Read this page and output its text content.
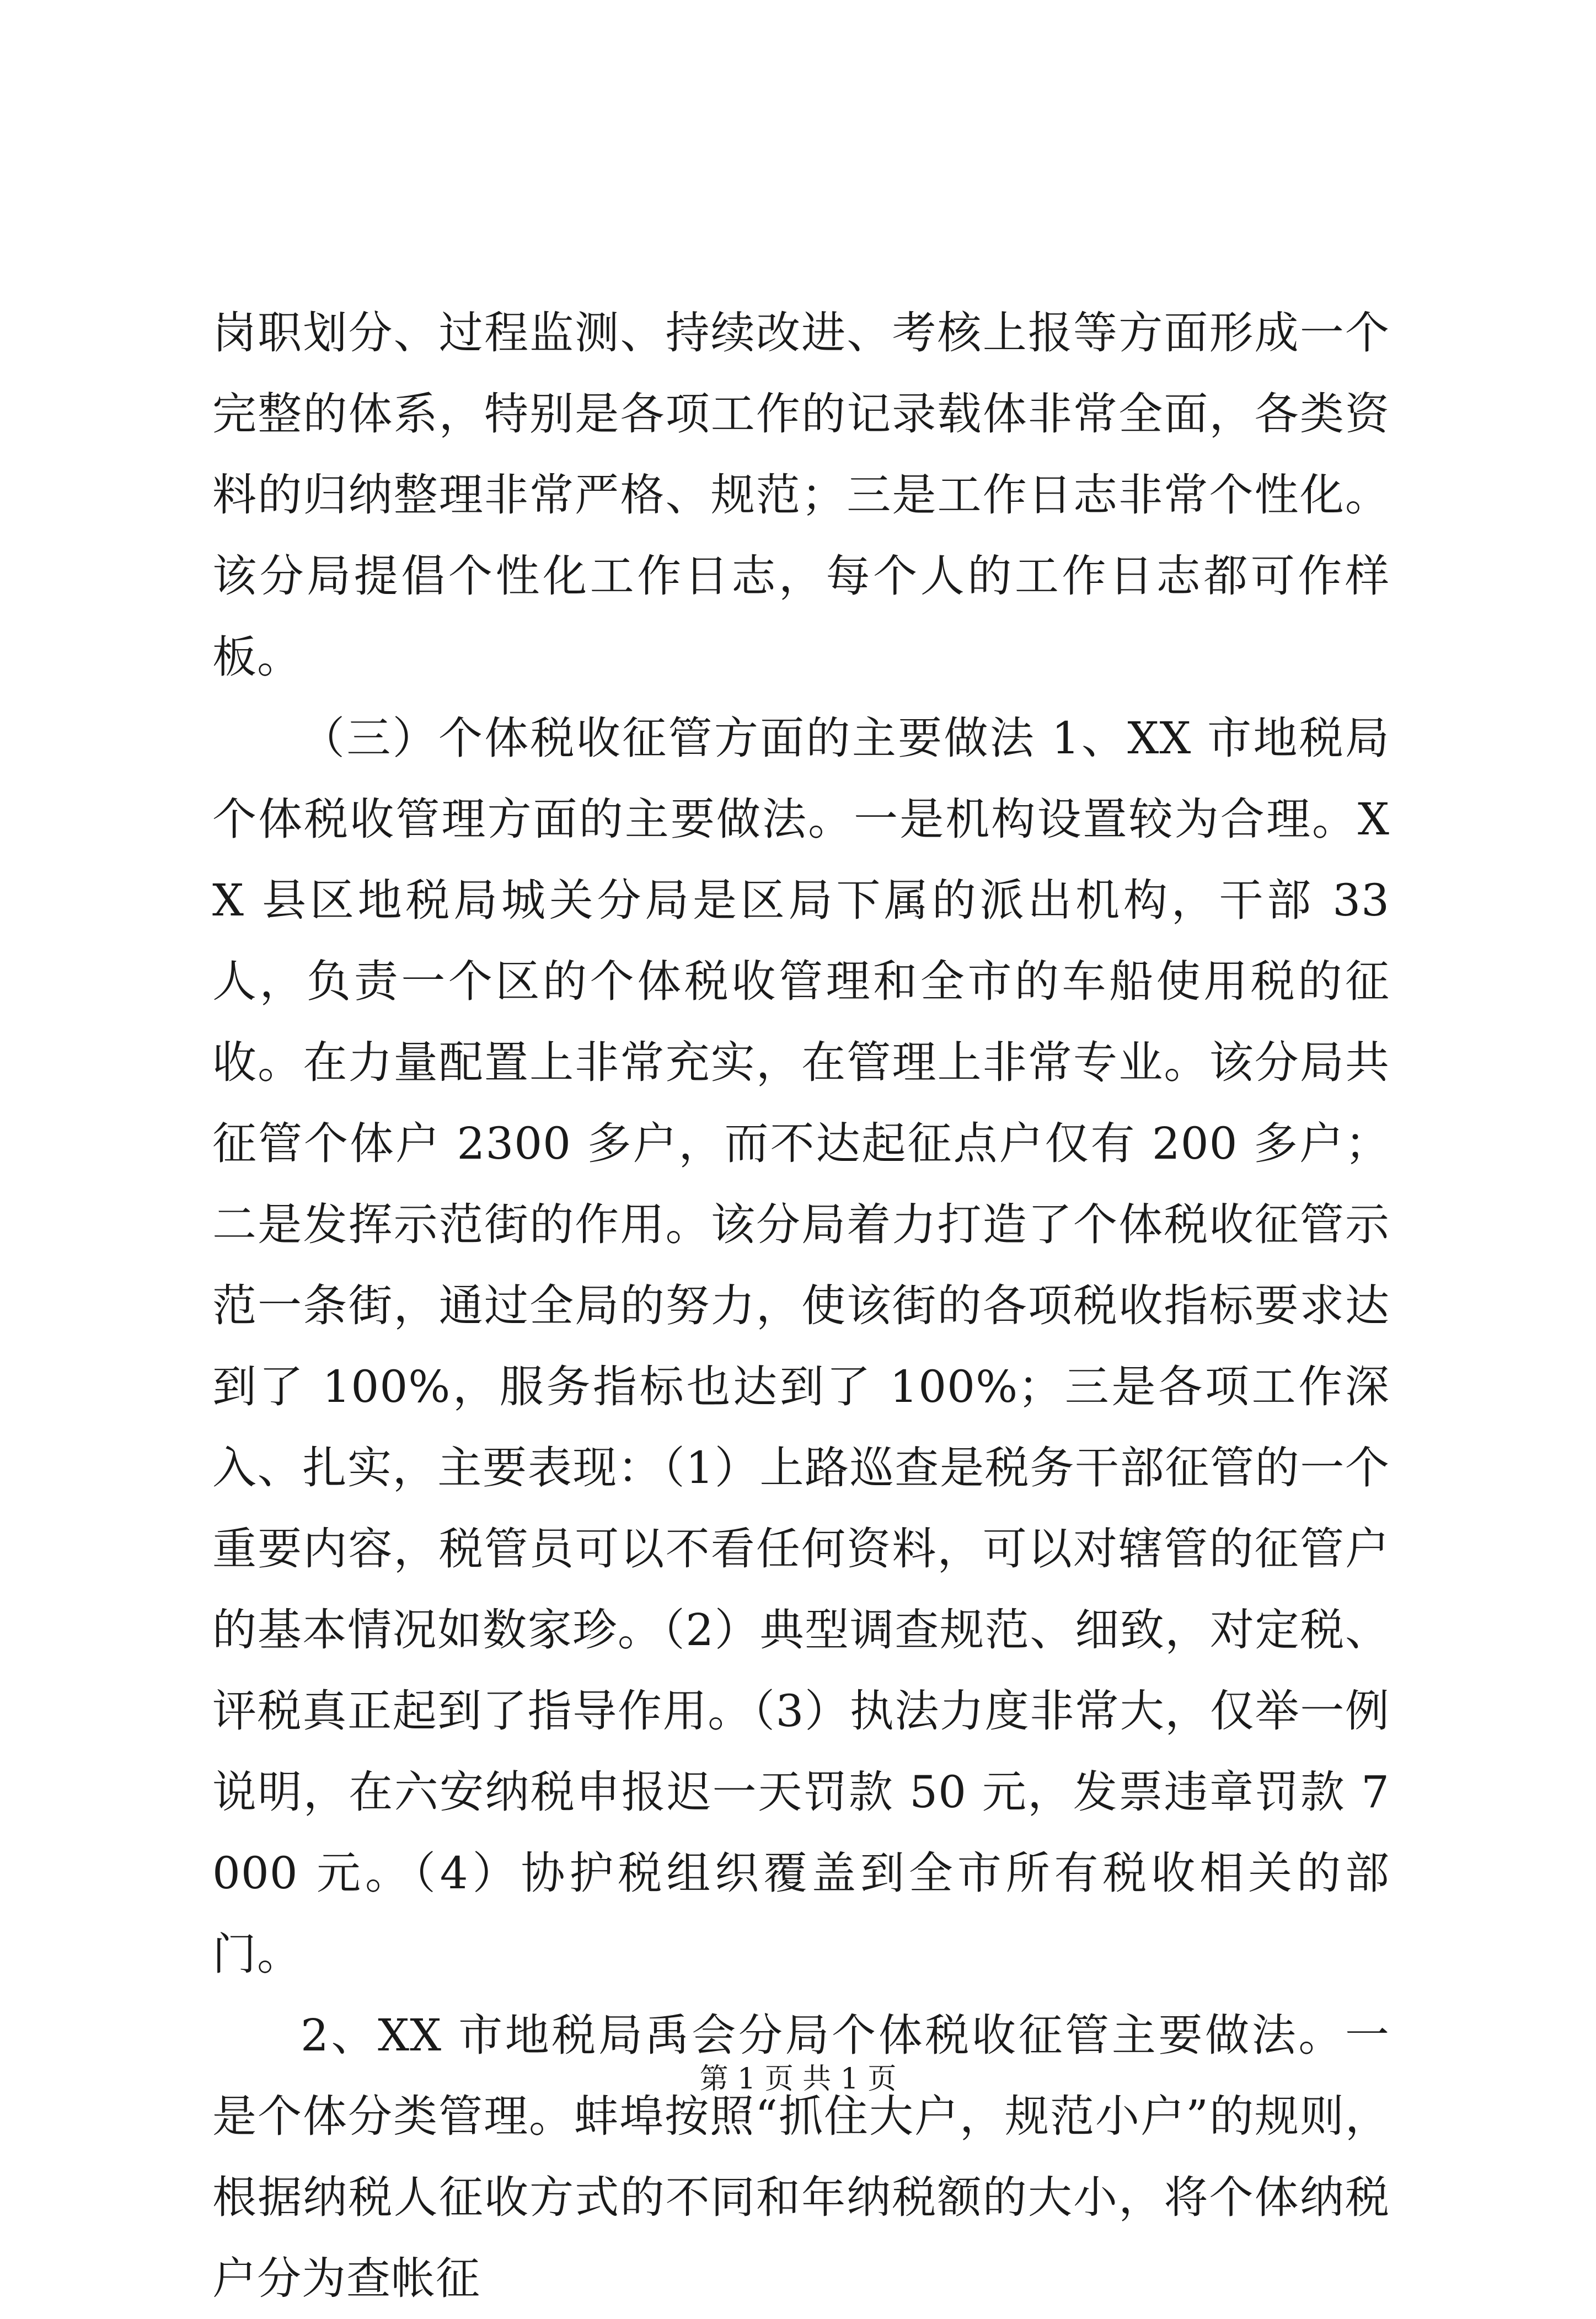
岗职划分、过程监测、持续改进、考核上报等方面形成一个完整的体系，特别是各项工作的记录载体非常全面，各类资料的归纳整理非常严格、规范；三是工作日志非常个性化。该分局提倡个性化工作日志，每个人的工作日志都可作样板。

（三）个体税收征管方面的主要做法 1、XX 市地税局个体税收管理方面的主要做法。一是机构设置较为合理。XX 县区地税局城关分局是区局下属的派出机构，干部 33 人，负责一个区的个体税收管理和全市的车船使用税的征收。在力量配置上非常充实，在管理上非常专业。该分局共征管个体户 2300 多户，而不达起征点户仅有 200 多户；二是发挥示范街的作用。该分局着力打造了个体税收征管示范一条街，通过全局的努力，使该街的各项税收指标要求达到了 100%，服务指标也达到了 100%；三是各项工作深入、扎实，主要表现：（1）上路巡查是税务干部征管的一个重要内容，税管员可以不看任何资料，可以对辖管的征管户的基本情况如数家珍。（2）典型调查规范、细致，对定税、评税真正起到了指导作用。（3）执法力度非常大，仅举一例说明，在六安纳税申报迟一天罚款 50 元，发票违章罚款 7000 元。（4）协护税组织覆盖到全市所有税收相关的部门。

2、XX 市地税局禹会分局个体税收征管主要做法。一是个体分类管理。蚌埠按照“抓住大户，规范小户”的规则，根据纳税人征收方式的不同和年纳税额的大小，将个体纳税户分为查帐征

第 1 页 共 1 页
